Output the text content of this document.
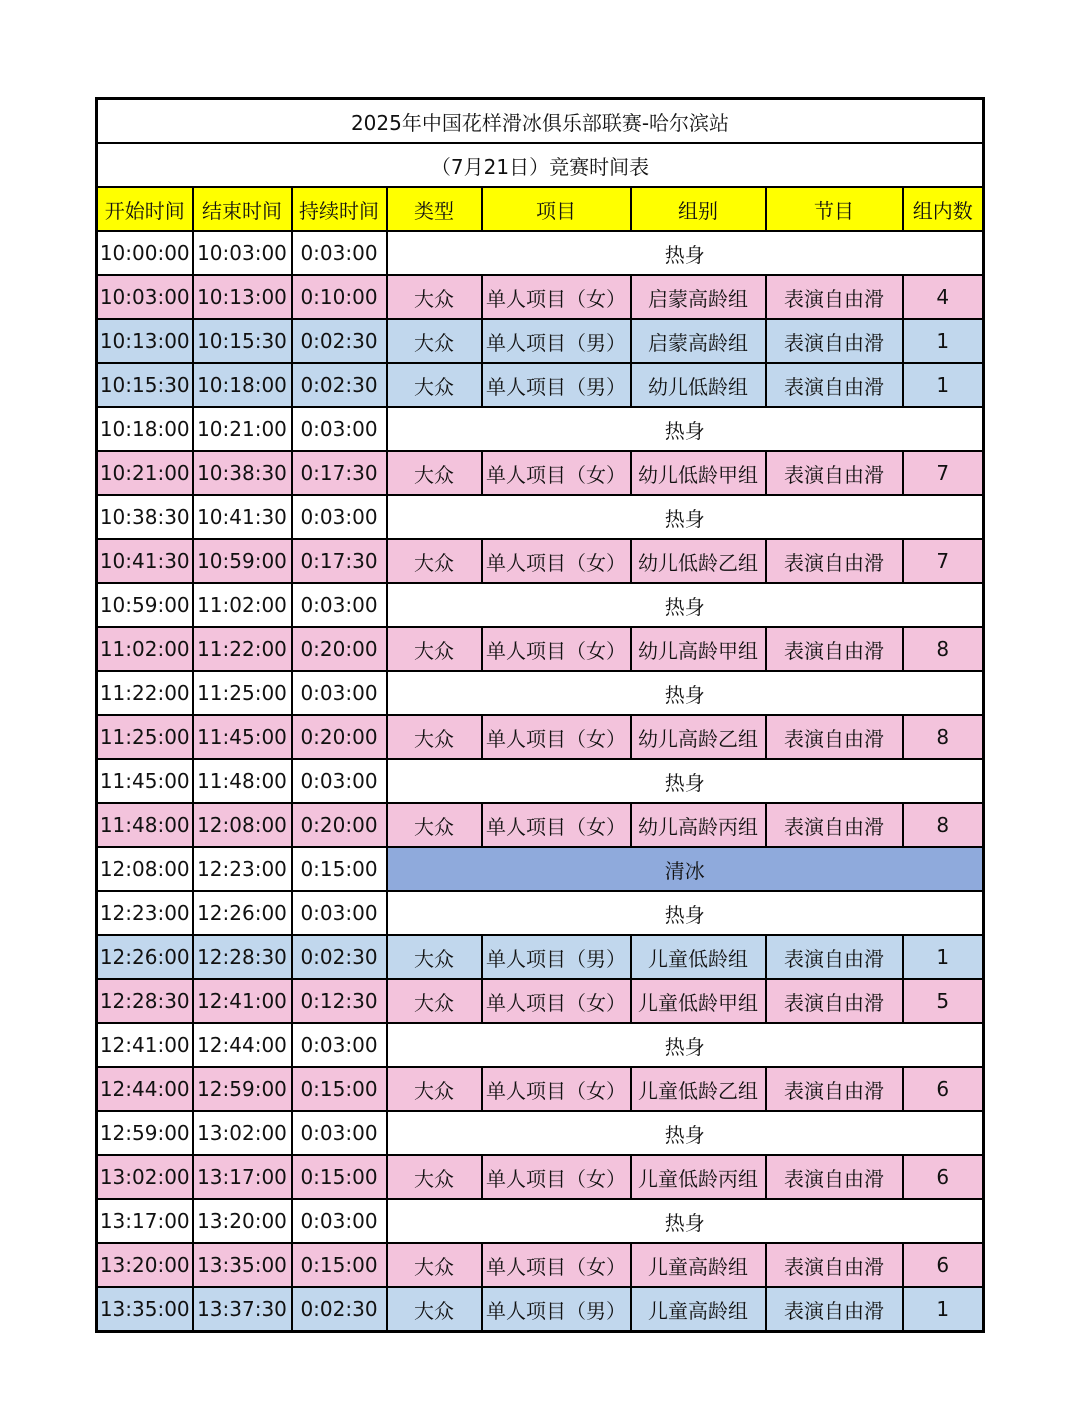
2025年中国花样滑冰俱乐部联赛-哈尔滨站							
（7月21日）竞赛时间表							
开始时间	结束时间	持续时间	类型	项目	组别	节目	组内数
10:00:00	10:03:00	0:03:00	热身				
10:03:00	10:13:00	0:10:00	大众	单人项目（女）	启蒙高龄组	表演自由滑	4
10:13:00	10:15:30	0:02:30	大众	单人项目（男）	启蒙高龄组	表演自由滑	1
10:15:30	10:18:00	0:02:30	大众	单人项目（男）	幼儿低龄组	表演自由滑	1
10:18:00	10:21:00	0:03:00	热身				
10:21:00	10:38:30	0:17:30	大众	单人项目（女）	幼儿低龄甲组	表演自由滑	7
10:38:30	10:41:30	0:03:00	热身				
10:41:30	10:59:00	0:17:30	大众	单人项目（女）	幼儿低龄乙组	表演自由滑	7
10:59:00	11:02:00	0:03:00	热身				
11:02:00	11:22:00	0:20:00	大众	单人项目（女）	幼儿高龄甲组	表演自由滑	8
11:22:00	11:25:00	0:03:00	热身				
11:25:00	11:45:00	0:20:00	大众	单人项目（女）	幼儿高龄乙组	表演自由滑	8
11:45:00	11:48:00	0:03:00	热身				
11:48:00	12:08:00	0:20:00	大众	单人项目（女）	幼儿高龄丙组	表演自由滑	8
12:08:00	12:23:00	0:15:00	清冰				
12:23:00	12:26:00	0:03:00	热身				
12:26:00	12:28:30	0:02:30	大众	单人项目（男）	儿童低龄组	表演自由滑	1
12:28:30	12:41:00	0:12:30	大众	单人项目（女）	儿童低龄甲组	表演自由滑	5
12:41:00	12:44:00	0:03:00	热身				
12:44:00	12:59:00	0:15:00	大众	单人项目（女）	儿童低龄乙组	表演自由滑	6
12:59:00	13:02:00	0:03:00	热身				
13:02:00	13:17:00	0:15:00	大众	单人项目（女）	儿童低龄丙组	表演自由滑	6
13:17:00	13:20:00	0:03:00	热身				
13:20:00	13:35:00	0:15:00	大众	单人项目（女）	儿童高龄组	表演自由滑	6
13:35:00	13:37:30	0:02:30	大众	单人项目（男）	儿童高龄组	表演自由滑	1
